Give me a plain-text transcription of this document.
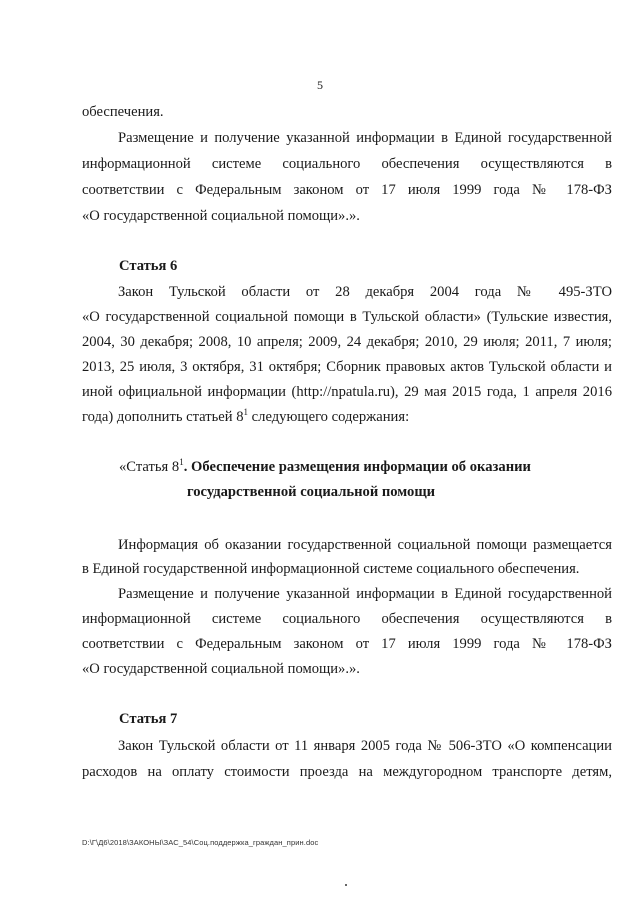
5
обеспечения.
Размещение и получение указанной информации в Единой государственной
информационной системе социального обеспечения осуществляются в
соответствии с Федеральным законом от 17 июля 1999 года № 178-ФЗ
«О государственной социальной помощи».».
Статья 6
Закон Тульской области от 28 декабря 2004 года № 495-ЗТО
«О государственной социальной помощи в Тульской области» (Тульские известия,
2004, 30 декабря; 2008, 10 апреля; 2009, 24 декабря; 2010, 29 июля; 2011, 7 июля;
2013, 25 июля, 3 октября, 31 октября; Сборник правовых актов Тульской области и
иной официальной информации (http://npatula.ru), 29 мая 2015 года, 1 апреля 2016
года) дополнить статьей $8^1$ следующего содержания:
«Статья $8^1$. Обеспечение размещения информации об оказании
государственной социальной помощи
Информация об оказании государственной социальной помощи размещается
в Единой государственной информационной системе социального обеспечения.
Размещение и получение указанной информации в Единой государственной
информационной системе социального обеспечения осуществляются в
соответствии с Федеральным законом от 17 июля 1999 года № 178-ФЗ
«О государственной социальной помощи».».
Статья 7
Закон Тульской области от 11 января 2005 года № 506-ЗТО «О компенсации
расходов на оплату стоимости проезда на междугородном транспорте детям,
D:\Г\Д6\2018\ЗАКОНЫ\ЗАС_54\Соц.поддержка_граждан_прин.doc
